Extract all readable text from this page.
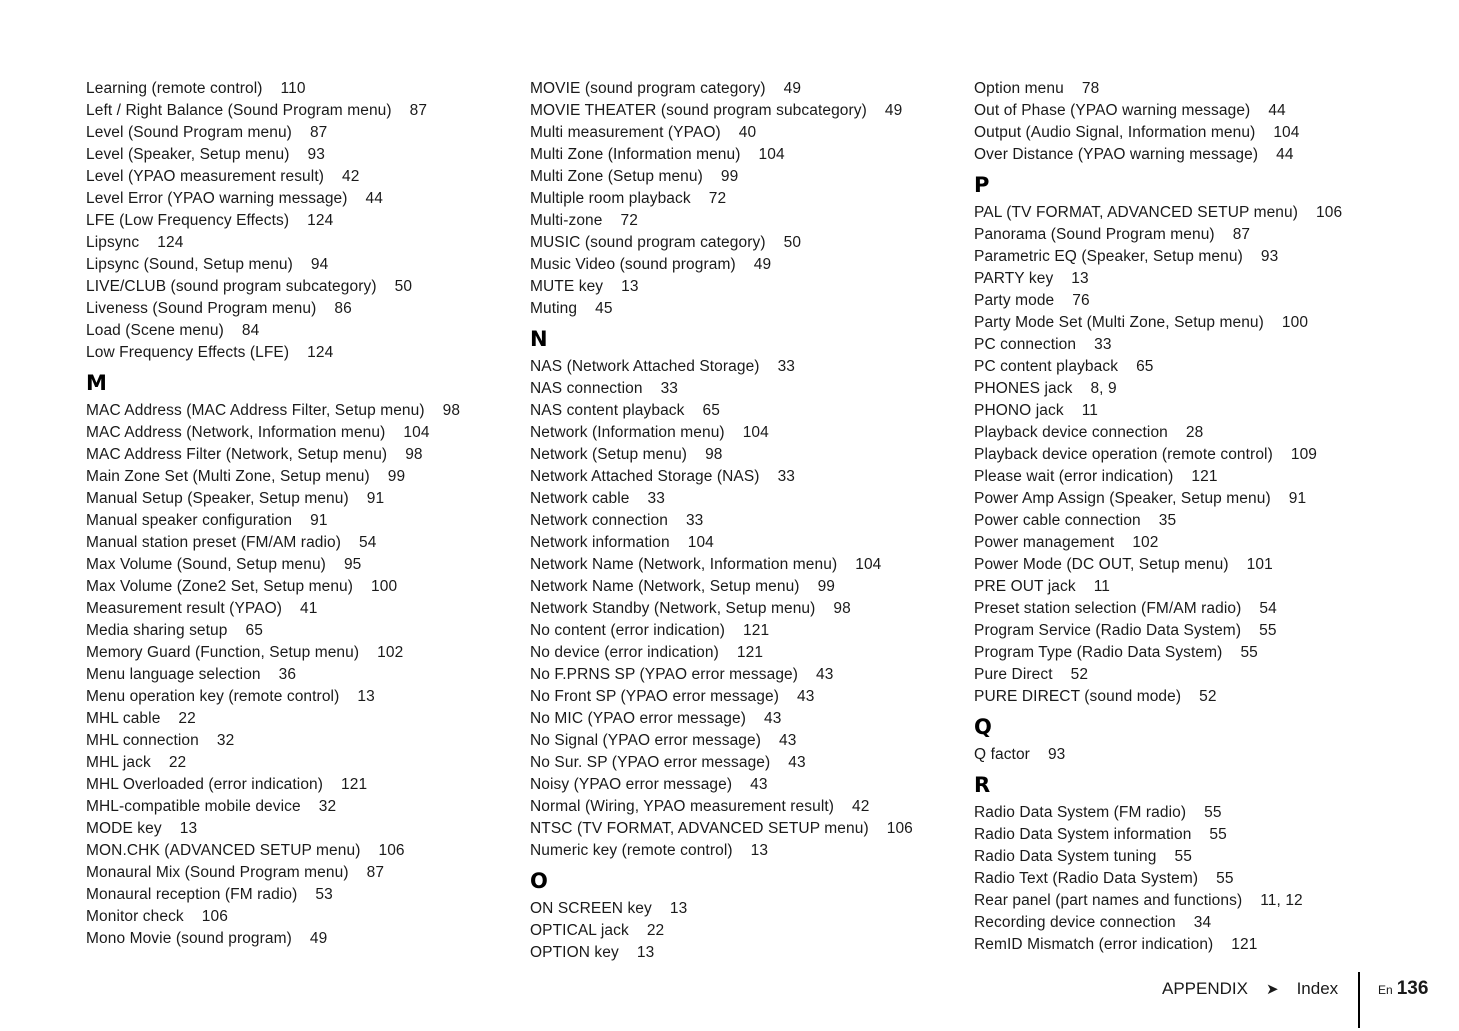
Learning (remote control) 110
Left / Right Balance (Sound Program menu) 87
Level (Sound Program menu) 87
Level (Speaker, Setup menu) 93
Level (YPAO measurement result) 42
Level Error (YPAO warning message) 44
LFE (Low Frequency Effects) 124
Lipsync 124
Lipsync (Sound, Setup menu) 94
LIVE/CLUB (sound program subcategory) 50
Liveness (Sound Program menu) 86
Load (Scene menu) 84
Low Frequency Effects (LFE) 124
M
MAC Address (MAC Address Filter, Setup menu) 98
MAC Address (Network, Information menu) 104
MAC Address Filter (Network, Setup menu) 98
Main Zone Set (Multi Zone, Setup menu) 99
Manual Setup (Speaker, Setup menu) 91
Manual speaker configuration 91
Manual station preset (FM/AM radio) 54
Max Volume (Sound, Setup menu) 95
Max Volume (Zone2 Set, Setup menu) 100
Measurement result (YPAO) 41
Media sharing setup 65
Memory Guard (Function, Setup menu) 102
Menu language selection 36
Menu operation key (remote control) 13
MHL cable 22
MHL connection 32
MHL jack 22
MHL Overloaded (error indication) 121
MHL-compatible mobile device 32
MODE key 13
MON.CHK (ADVANCED SETUP menu) 106
Monaural Mix (Sound Program menu) 87
Monaural reception (FM radio) 53
Monitor check 106
Mono Movie (sound program) 49
MOVIE (sound program category) 49
MOVIE THEATER (sound program subcategory) 49
Multi measurement (YPAO) 40
Multi Zone (Information menu) 104
Multi Zone (Setup menu) 99
Multiple room playback 72
Multi-zone 72
MUSIC (sound program category) 50
Music Video (sound program) 49
MUTE key 13
Muting 45
N
NAS (Network Attached Storage) 33
NAS connection 33
NAS content playback 65
Network (Information menu) 104
Network (Setup menu) 98
Network Attached Storage (NAS) 33
Network cable 33
Network connection 33
Network information 104
Network Name (Network, Information menu) 104
Network Name (Network, Setup menu) 99
Network Standby (Network, Setup menu) 98
No content (error indication) 121
No device (error indication) 121
No F.PRNS SP (YPAO error message) 43
No Front SP (YPAO error message) 43
No MIC (YPAO error message) 43
No Signal (YPAO error message) 43
No Sur. SP (YPAO error message) 43
Noisy (YPAO error message) 43
Normal (Wiring, YPAO measurement result) 42
NTSC (TV FORMAT, ADVANCED SETUP menu) 106
Numeric key (remote control) 13
O
ON SCREEN key 13
OPTICAL jack 22
OPTION key 13
Option menu 78
Out of Phase (YPAO warning message) 44
Output (Audio Signal, Information menu) 104
Over Distance (YPAO warning message) 44
P
PAL (TV FORMAT, ADVANCED SETUP menu) 106
Panorama (Sound Program menu) 87
Parametric EQ (Speaker, Setup menu) 93
PARTY key 13
Party mode 76
Party Mode Set (Multi Zone, Setup menu) 100
PC connection 33
PC content playback 65
PHONES jack 8, 9
PHONO jack 11
Playback device connection 28
Playback device operation (remote control) 109
Please wait (error indication) 121
Power Amp Assign (Speaker, Setup menu) 91
Power cable connection 35
Power management 102
Power Mode (DC OUT, Setup menu) 101
PRE OUT jack 11
Preset station selection (FM/AM radio) 54
Program Service (Radio Data System) 55
Program Type (Radio Data System) 55
Pure Direct 52
PURE DIRECT (sound mode) 52
Q
Q factor 93
R
Radio Data System (FM radio) 55
Radio Data System information 55
Radio Data System tuning 55
Radio Text (Radio Data System) 55
Rear panel (part names and functions) 11, 12
Recording device connection 34
RemID Mismatch (error indication) 121
APPENDIX ➤ Index	En 136
